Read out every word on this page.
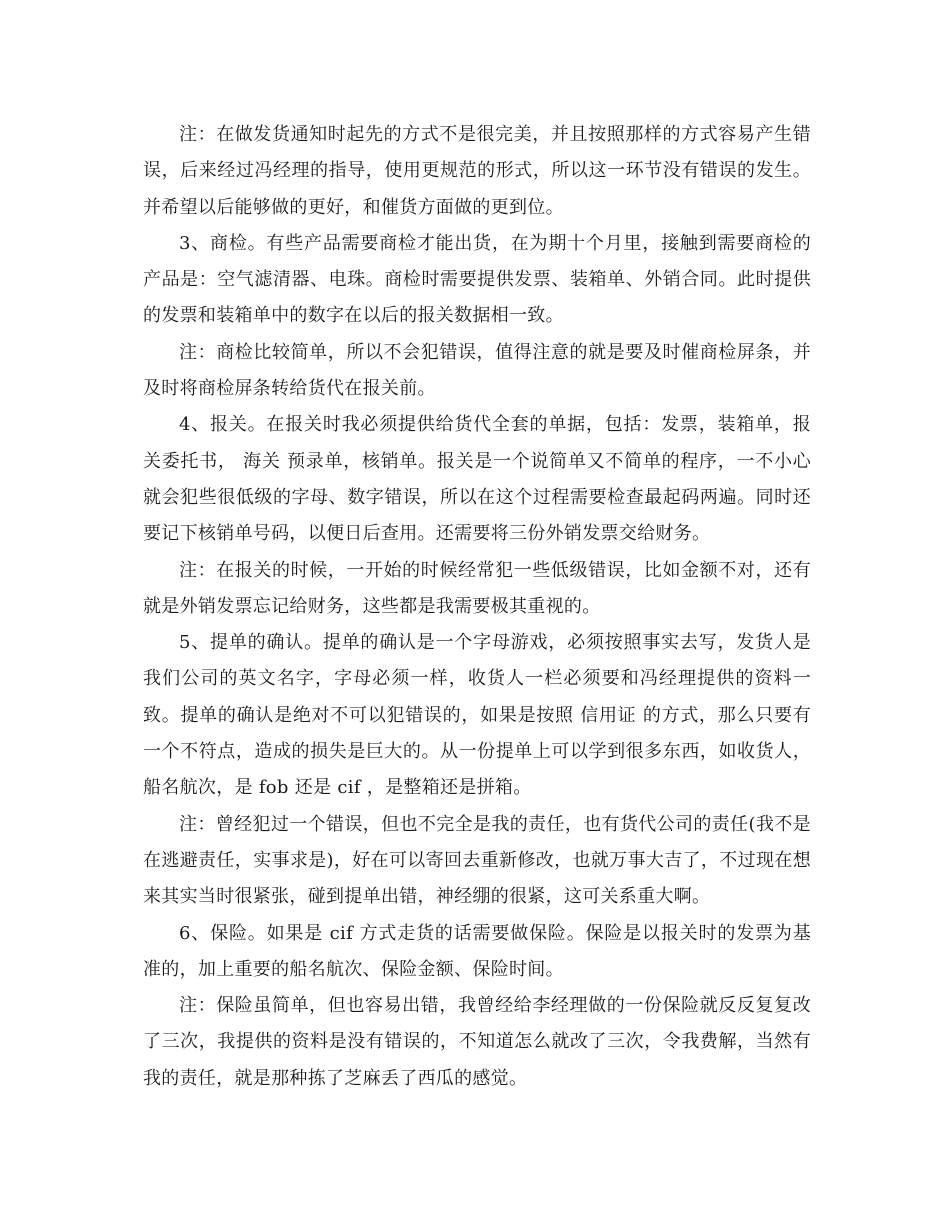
注：在做发货通知时起先的方式不是很完美，并且按照那样的方式容易产生错误，后来经过冯经理的指导，使用更规范的形式，所以这一环节没有错误的发生。并希望以后能够做的更好，和催货方面做的更到位。

3、商检。有些产品需要商检才能出货，在为期十个月里，接触到需要商检的产品是：空气滤清器、电珠。商检时需要提供发票、装箱单、外销合同。此时提供的发票和装箱单中的数字在以后的报关数据相一致。

注：商检比较简单，所以不会犯错误，值得注意的就是要及时催商检屏条，并及时将商检屏条转给货代在报关前。

4、报关。在报关时我必须提供给货代全套的单据，包括：发票，装箱单，报关委托书， 海关 预录单，核销单。报关是一个说简单又不简单的程序，一不小心就会犯些很低级的字母、数字错误，所以在这个过程需要检查最起码两遍。同时还要记下核销单号码，以便日后查用。还需要将三份外销发票交给财务。

注：在报关的时候，一开始的时候经常犯一些低级错误，比如金额不对，还有就是外销发票忘记给财务，这些都是我需要极其重视的。

5、提单的确认。提单的确认是一个字母游戏，必须按照事实去写，发货人是我们公司的英文名字，字母必须一样，收货人一栏必须要和冯经理提供的资料一致。提单的确认是绝对不可以犯错误的，如果是按照 信用证 的方式，那么只要有一个不符点，造成的损失是巨大的。从一份提单上可以学到很多东西，如收货人，船名航次，是 fob 还是 cif ，是整箱还是拼箱。

注：曾经犯过一个错误，但也不完全是我的责任，也有货代公司的责任(我不是在逃避责任，实事求是)，好在可以寄回去重新修改，也就万事大吉了，不过现在想来其实当时很紧张，碰到提单出错，神经绷的很紧，这可关系重大啊。

6、保险。如果是 cif 方式走货的话需要做保险。保险是以报关时的发票为基准的，加上重要的船名航次、保险金额、保险时间。

注：保险虽简单，但也容易出错，我曾经给李经理做的一份保险就反反复复改了三次，我提供的资料是没有错误的，不知道怎么就改了三次，令我费解，当然有我的责任，就是那种拣了芝麻丢了西瓜的感觉。
